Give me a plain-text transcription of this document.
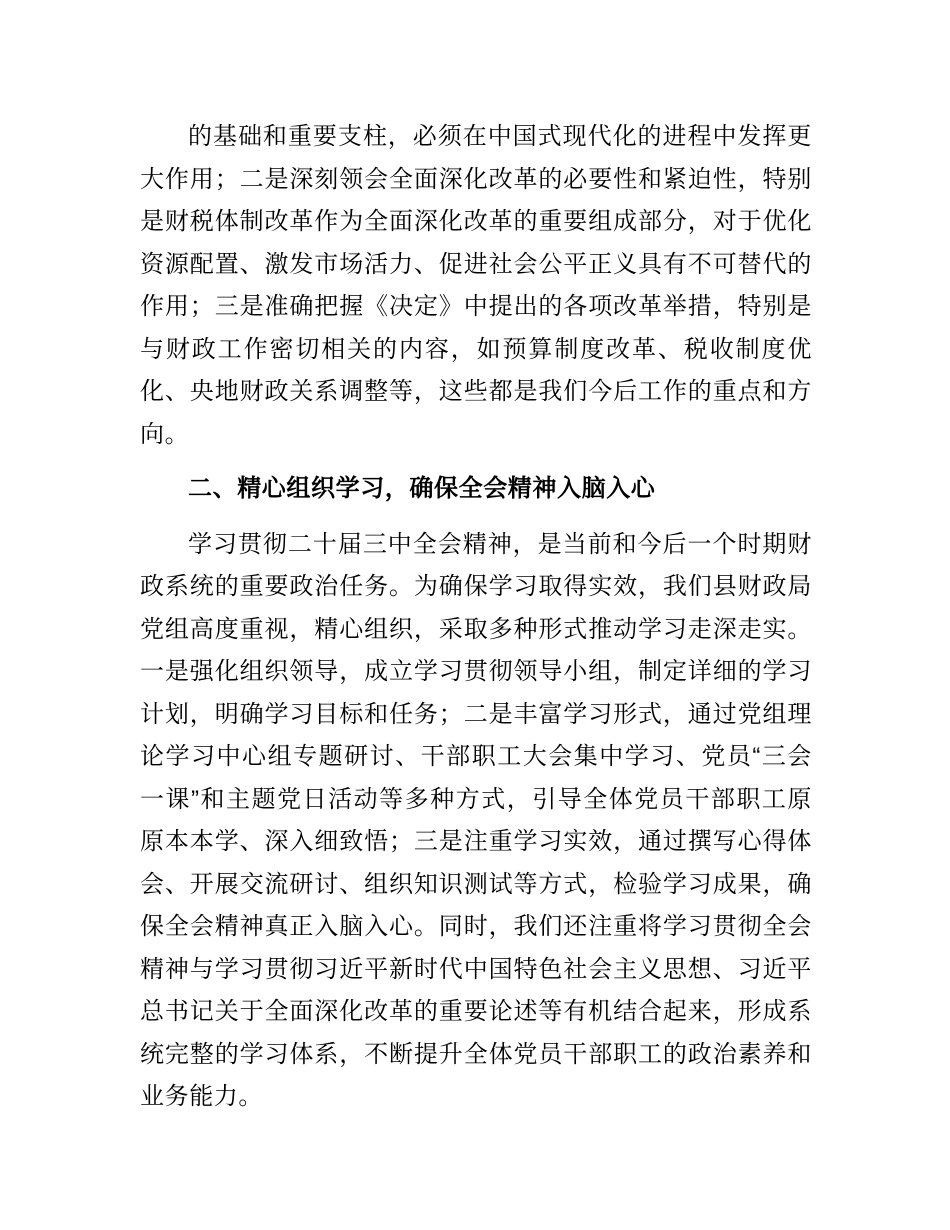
的基础和重要支柱，必须在中国式现代化的进程中发挥更大作用；二是深刻领会全面深化改革的必要性和紧迫性，特别是财税体制改革作为全面深化改革的重要组成部分，对于优化资源配置、激发市场活力、促进社会公平正义具有不可替代的作用；三是准确把握《决定》中提出的各项改革举措，特别是与财政工作密切相关的内容，如预算制度改革、税收制度优化、央地财政关系调整等，这些都是我们今后工作的重点和方向。

二、精心组织学习，确保全会精神入脑入心

学习贯彻二十届三中全会精神，是当前和今后一个时期财政系统的重要政治任务。为确保学习取得实效，我们县财政局党组高度重视，精心组织，采取多种形式推动学习走深走实。一是强化组织领导，成立学习贯彻领导小组，制定详细的学习计划，明确学习目标和任务；二是丰富学习形式，通过党组理论学习中心组专题研讨、干部职工大会集中学习、党员“三会一课”和主题党日活动等多种方式，引导全体党员干部职工原原本本学、深入细致悟；三是注重学习实效，通过撰写心得体会、开展交流研讨、组织知识测试等方式，检验学习成果，确保全会精神真正入脑入心。同时，我们还注重将学习贯彻全会精神与学习贯彻习近平新时代中国特色社会主义思想、习近平总书记关于全面深化改革的重要论述等有机结合起来，形成系统完整的学习体系，不断提升全体党员干部职工的政治素养和业务能力。
